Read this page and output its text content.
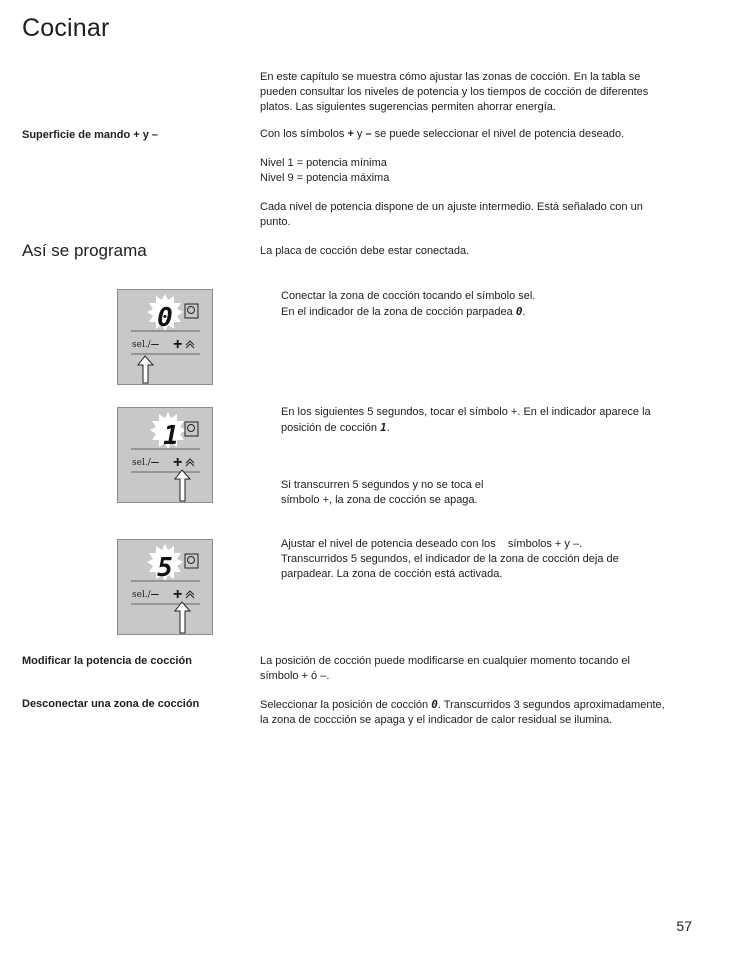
Cocinar
En este capítulo se muestra cómo ajustar las zonas de cocción. En la tabla se
pueden consultar los niveles de potencia y los tiempos de cocción de diferentes
platos. Las siguientes sugerencias permiten ahorrar energía.
Superficie de mando + y –	Con los símbolos + y – se puede seleccionar el nivel de potencia deseado.
Nivel 1 = potencia mínima
Nivel 9 = potencia máxima
Cada nivel de potencia dispone de un ajuste intermedio. Está señalado con un
punto.
Así se programa	La placa de cocción debe estar conectada.
0
sel./ – +
Conectar la zona de cocción tocando el símbolo sel.
En el indicador de la zona de cocción parpadea 0.
1
sel./ – +
En los siguientes 5 segundos, tocar el símbolo +. En el indicador aparece la
posición de cocción 1.
Si transcurren 5 segundos y no se toca el
símbolo +, la zona de cocción se apaga.
5
sel./ – +
Ajustar el nivel de potencia deseado con los    símbolos + y –.
Transcurridos 5 segundos, el indicador de la zona de cocción deja de
parpadear. La zona de cocción está activada.
Modificar la potencia de cocción	La posición de cocción puede modificarse en cualquier momento tocando el
símbolo + ó –.
Desconectar una zona de cocción	Seleccionar la posición de cocción 0. Transcurridos 3 segundos aproximadamente,
la zona de coccción se apaga y el indicador de calor residual se ilumina.
57
